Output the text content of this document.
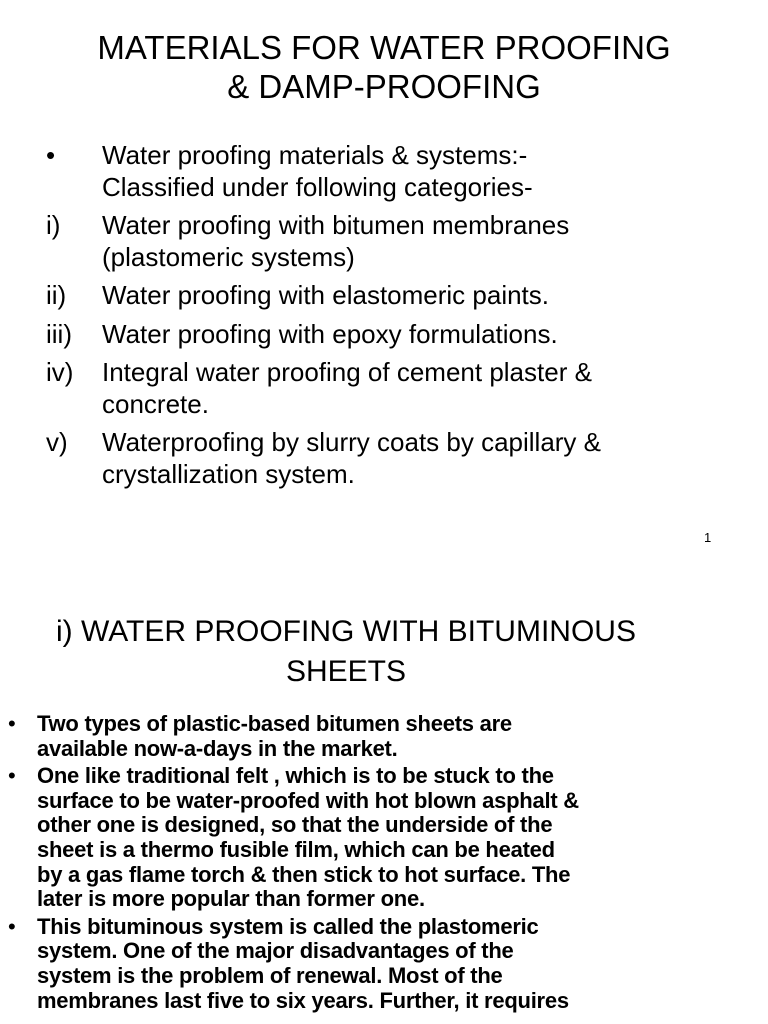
MATERIALS FOR WATER PROOFING
& DAMP-PROOFING
•	Water proofing materials & systems:-
Classified under following categories-
i)	Water proofing with bitumen membranes
(plastomeric systems)
ii)	Water proofing with elastomeric paints.
iii)	Water proofing with epoxy formulations.
iv)	Integral water proofing of cement plaster &
concrete.
v)	Waterproofing by slurry coats by capillary &
crystallization system.
1
i) WATER PROOFING WITH BITUMINOUS
SHEETS
• Two types of plastic-based bitumen sheets are
available now-a-days in the market.
• One like traditional felt , which is to be stuck to the
surface to be water-proofed with hot blown asphalt &
other one is designed, so that the underside of the
sheet is a thermo fusible film, which can be heated
by a gas flame torch & then stick to hot surface. The
later is more popular than former one.
• This bituminous system is called the plastomeric
system. One of the major disadvantages of the
system is the problem of renewal. Most of the
membranes last five to six years. Further, it requires
